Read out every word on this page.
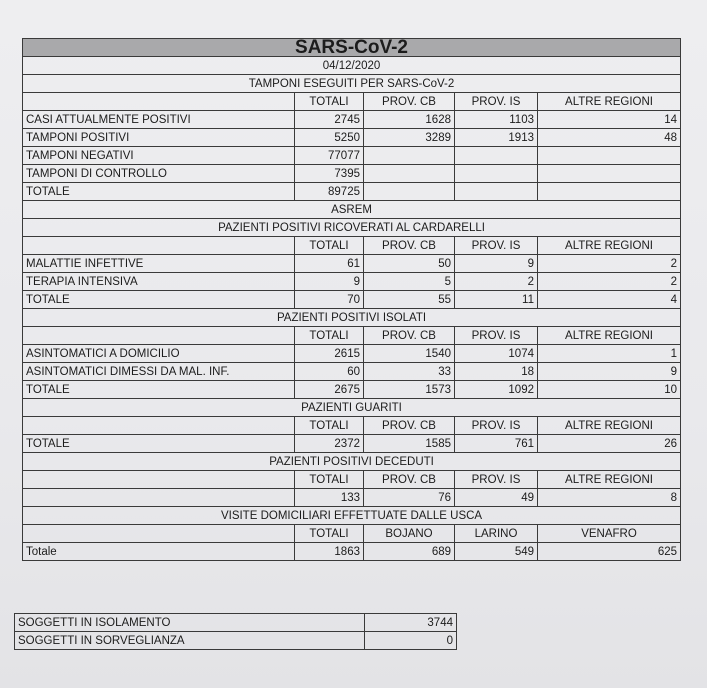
SARS-CoV-2				
04/12/2020				
TAMPONI ESEGUITI PER SARS-CoV-2				
	TOTALI	PROV. CB	PROV. IS	ALTRE REGIONI
CASI ATTUALMENTE POSITIVI	2745	1628	1103	14
TAMPONI POSITIVI	5250	3289	1913	48
TAMPONI NEGATIVI	77077			
TAMPONI DI CONTROLLO	7395			
TOTALE	89725			
ASREM				
PAZIENTI POSITIVI RICOVERATI AL CARDARELLI				
	TOTALI	PROV. CB	PROV. IS	ALTRE REGIONI
MALATTIE INFETTIVE	61	50	9	2
TERAPIA INTENSIVA	9	5	2	2
TOTALE	70	55	11	4
PAZIENTI POSITIVI ISOLATI				
	TOTALI	PROV. CB	PROV. IS	ALTRE REGIONI
ASINTOMATICI A DOMICILIO	2615	1540	1074	1
ASINTOMATICI DIMESSI DA MAL. INF.	60	33	18	9
TOTALE	2675	1573	1092	10
PAZIENTI GUARITI				
	TOTALI	PROV. CB	PROV. IS	ALTRE REGIONI
TOTALE	2372	1585	761	26
PAZIENTI POSITIVI DECEDUTI				
	TOTALI	PROV. CB	PROV. IS	ALTRE REGIONI
	133	76	49	8
VISITE DOMICILIARI EFFETTUATE DALLE USCA				
	TOTALI	BOJANO	LARINO	VENAFRO
Totale	1863	689	549	625
SOGGETTI IN ISOLAMENTO	3744
SOGGETTI IN SORVEGLIANZA	0
